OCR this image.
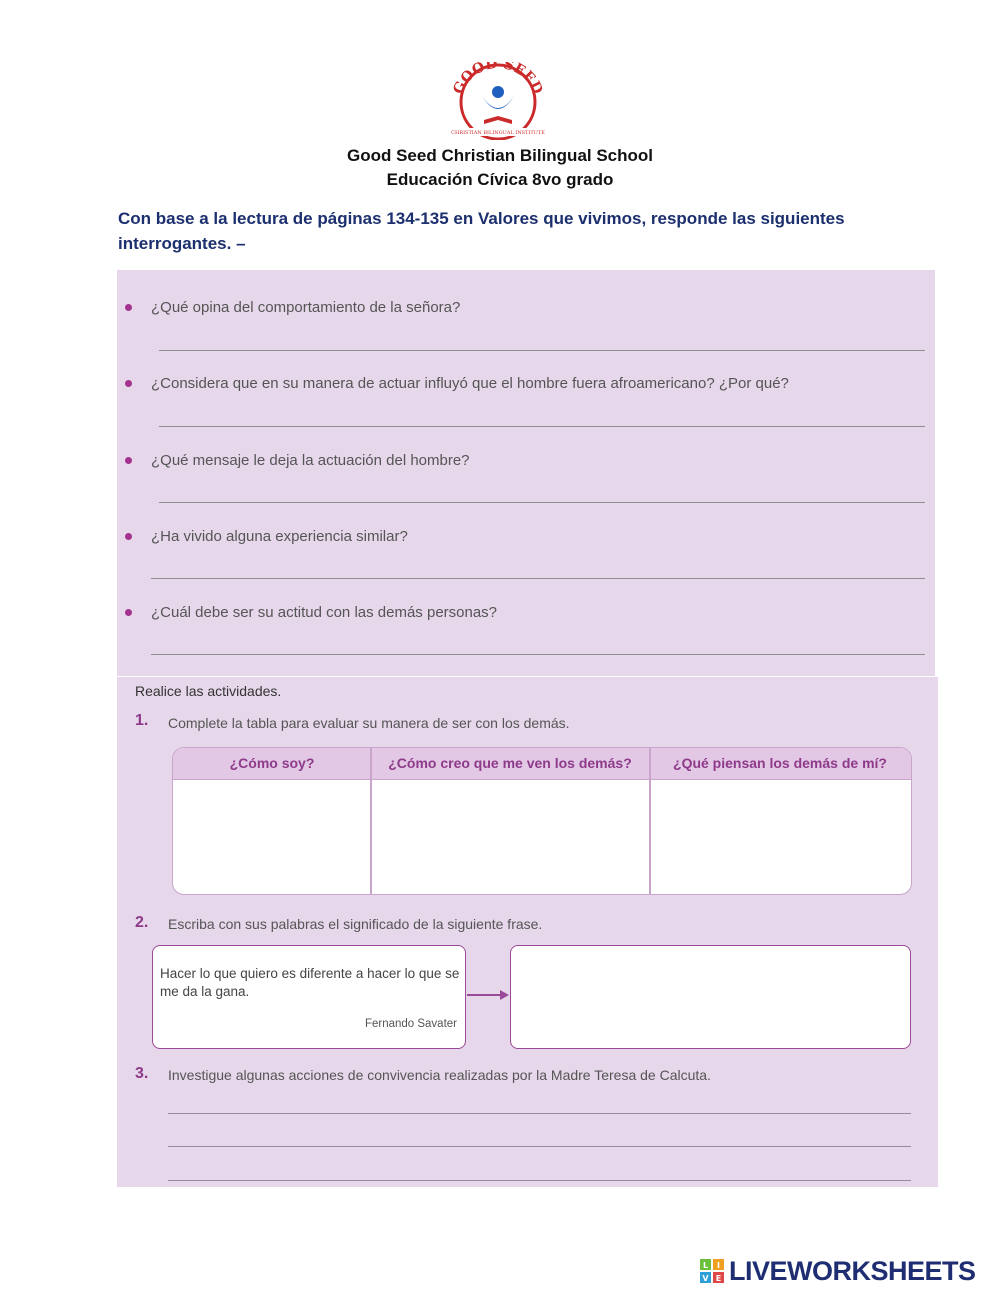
GOOD SEED
CHRISTIAN BILINGUAL INSTITUTE
Good Seed Christian Bilingual School
Educación Cívica 8vo grado
Con base a la lectura de páginas 134-135 en Valores que vivimos, responde las siguientes interrogantes. –
¿Qué opina del comportamiento de la señora?
¿Considera que en su manera de actuar influyó que el hombre fuera afroamericano? ¿Por qué?
¿Qué mensaje le deja la actuación del hombre?
¿Ha vivido alguna experiencia similar?
¿Cuál debe ser su actitud con las demás personas?
Realice las actividades.
1. Complete la tabla para evaluar su manera de ser con los demás.
¿Cómo soy?	¿Cómo creo que me ven los demás?	¿Qué piensan los demás de mí?
2. Escriba con sus palabras el significado de la siguiente frase.
Hacer lo que quiero es diferente a hacer lo que se me da la gana.
Fernando Savater
3. Investigue algunas acciones de convivencia realizadas por la Madre Teresa de Calcuta.
L I
V E LIVEWORKSHEETS
